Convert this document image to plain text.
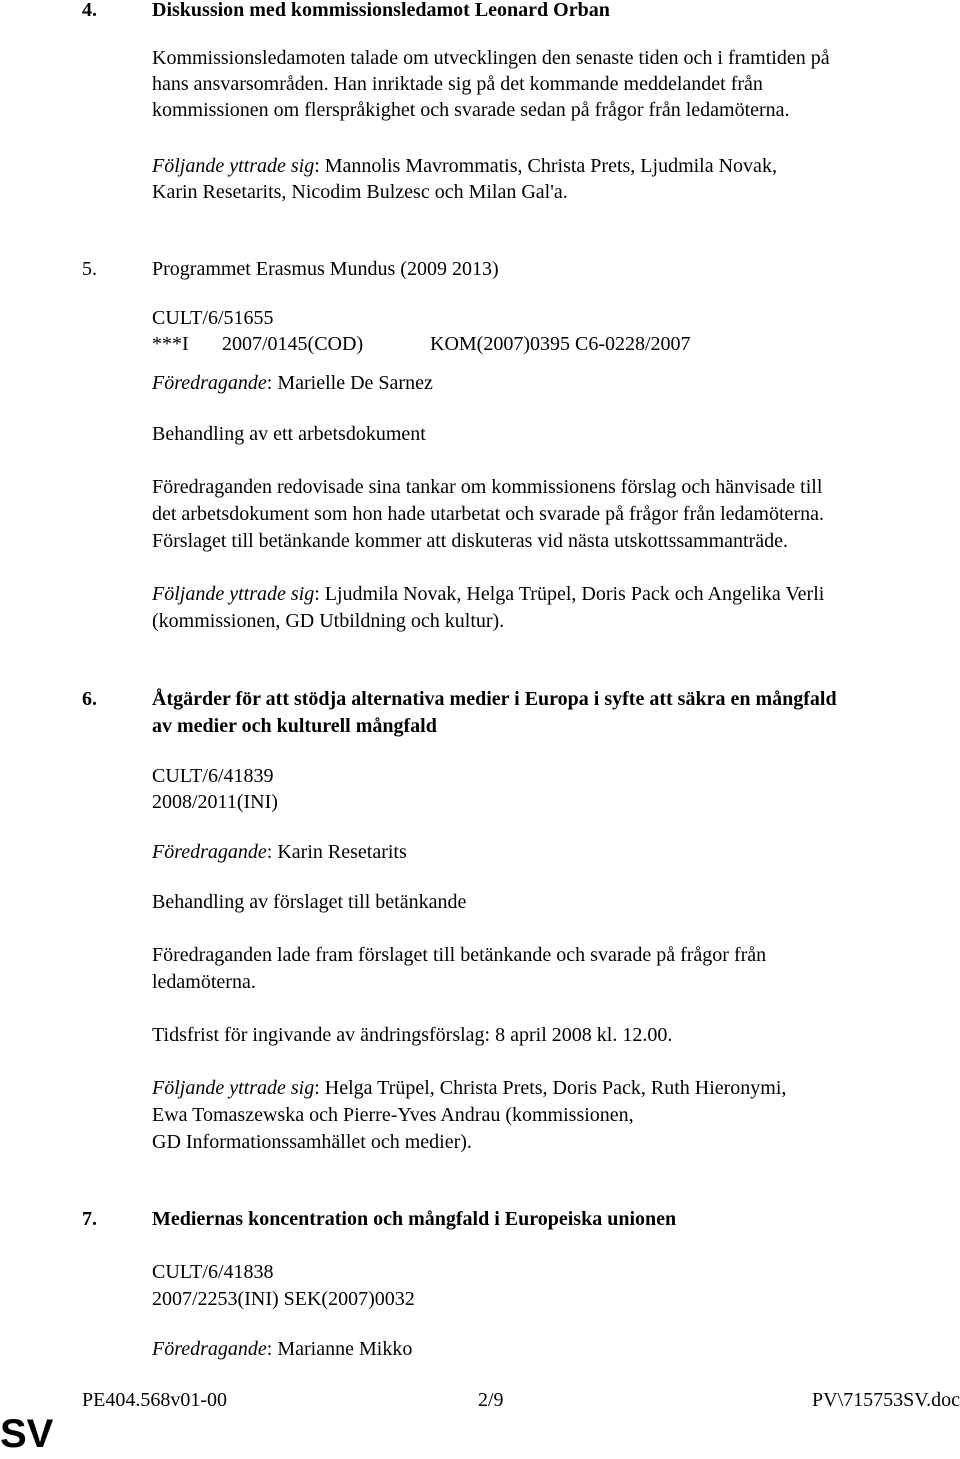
4.	Diskussion med kommissionsledamot Leonard Orban
Kommissionsledamoten talade om utvecklingen den senaste tiden och i framtiden på
hans ansvarsområden. Han inriktade sig på det kommande meddelandet från
kommissionen om flerspråkighet och svarade sedan på frågor från ledamöterna.
Följande yttrade sig: Mannolis Mavrommatis, Christa Prets, Ljudmila Novak,
Karin Resetarits, Nicodim Bulzesc och Milan Gal'a.
5.	Programmet Erasmus Mundus (2009 2013)
CULT/6/51655
***I 2007/0145(COD)	KOM(2007)0395 C6-0228/2007
Föredragande: Marielle De Sarnez
Behandling av ett arbetsdokument
Föredraganden redovisade sina tankar om kommissionens förslag och hänvisade till
det arbetsdokument som hon hade utarbetat och svarade på frågor från ledamöterna.
Förslaget till betänkande kommer att diskuteras vid nästa utskottssammanträde.
Följande yttrade sig: Ljudmila Novak, Helga Trüpel, Doris Pack och Angelika Verli
(kommissionen, GD Utbildning och kultur).
6.	Åtgärder för att stödja alternativa medier i Europa i syfte att säkra en mångfald
av medier och kulturell mångfald
CULT/6/41839
2008/2011(INI)
Föredragande: Karin Resetarits
Behandling av förslaget till betänkande
Föredraganden lade fram förslaget till betänkande och svarade på frågor från
ledamöterna.
Tidsfrist för ingivande av ändringsförslag: 8 april 2008 kl. 12.00.
Följande yttrade sig: Helga Trüpel, Christa Prets, Doris Pack, Ruth Hieronymi,
Ewa Tomaszewska och Pierre-Yves Andrau (kommissionen,
GD Informationssamhället och medier).
7.	Mediernas koncentration och mångfald i Europeiska unionen
CULT/6/41838
2007/2253(INI) SEK(2007)0032
Föredragande: Marianne Mikko
PE404.568v01-00	2/9	PV\715753SV.doc
SV
